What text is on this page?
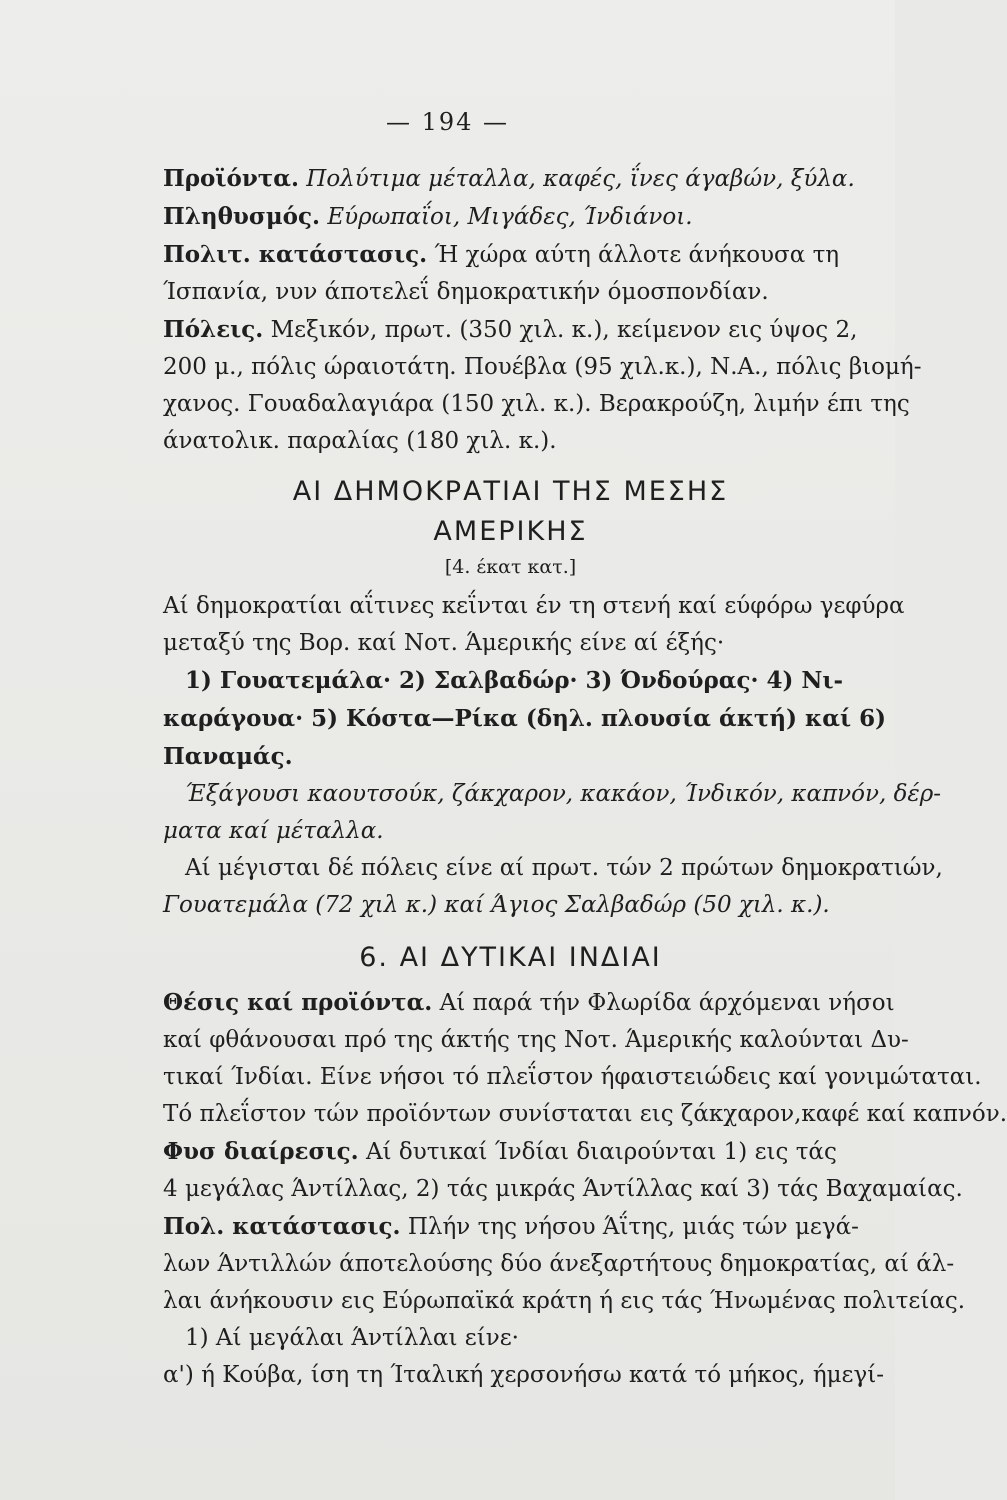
— 194 —
Προϊόντα. Πολύτιμα μέταλλα, καφές, ΐνες άγαβών, ξύλα.
Πληθυσμός. Εύρωπαΐοι, Μιγάδες, Ίνδιάνοι.
Πολιτ. κατάστασις. Ή χώρα αύτη άλλοτε άνήκουσα τη
Ίσπανία, νυν άποτελεΐ δημοκρατικήν όμοσπονδίαν.
Πόλεις. Μεξικόν, πρωτ. (350 χιλ. κ.), κείμενον εις ύψος 2,
200 μ., πόλις ώραιοτάτη. Πουέβλα (95 χιλ.κ.), Ν.Α., πόλις βιομή-
χανος. Γουαδαλαγιάρα (150 χιλ. κ.). Βερακρούζη, λιμήν έπι της
άνατολικ. παραλίας (180 χιλ. κ.).
ΑΙ ΔΗΜΟΚΡΑΤΙΑΙ ΤΗΣ ΜΕΣΗΣ
ΑΜΕΡΙΚΗΣ
[4. έκατ κατ.]
Αί δημοκρατίαι αΐτινες κεΐνται έν τη στενή καί εύφόρω γεφύρα
μεταξύ της Βορ. καί Νοτ. Άμερικής είνε αί έξής·
1) Γουατεμάλα· 2) Σαλβαδώρ· 3) Όνδούρας· 4) Νι-
καράγουα· 5) Κόστα—Ρίκα (δηλ. πλουσία άκτή) καί 6)
Παναμάς.
Έξάγουσι καουτσούκ, ζάκχαρον, κακάον, Ίνδικόν, καπνόν, δέρ-
ματα καί μέταλλα.
Αί μέγισται δέ πόλεις είνε αί πρωτ. τών 2 πρώτων δημοκρατιών,
Γουατεμάλα (72 χιλ κ.) καί Άγιος Σαλβαδώρ (50 χιλ. κ.).
6. ΑΙ ΔΥΤΙΚΑΙ ΙΝΔΙΑΙ
Θέσις καί προϊόντα. Αί παρά τήν Φλωρίδα άρχόμεναι νήσοι
καί φθάνουσαι πρό της άκτής της Νοτ. Άμερικής καλούνται Δυ-
τικαί Ίνδίαι. Είνε νήσοι τό πλεΐστον ήφαιστειώδεις καί γονιμώταται.
Τό πλεΐστον τών προϊόντων συνίσταται εις ζάκχαρον,καφέ καί καπνόν.
Φυσ διαίρεσις. Αί δυτικαί Ίνδίαι διαιρούνται 1) εις τάς
4 μεγάλας Άντίλλας, 2) τάς μικράς Άντίλλας καί 3) τάς Βαχαμαίας.
Πολ. κατάστασις. Πλήν της νήσου Άΐτης, μιάς τών μεγά-
λων Άντιλλών άποτελούσης δύο άνεξαρτήτους δημοκρατίας, αί άλ-
λαι άνήκουσιν εις Εύρωπαϊκά κράτη ή εις τάς Ήνωμένας πολιτείας.
1) Αί μεγάλαι Άντίλλαι είνε·
α') ή Κούβα, ίση τη Ίταλική χερσονήσω κατά τό μήκος, ήμεγί-
